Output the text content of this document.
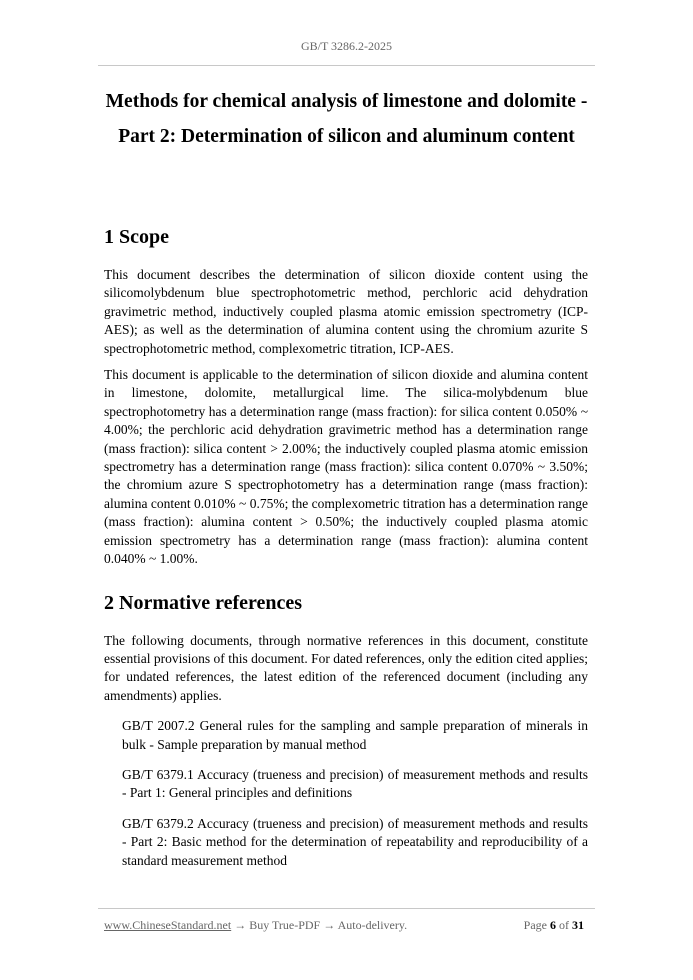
GB/T 3286.2-2025
Methods for chemical analysis of limestone and dolomite -
Part 2: Determination of silicon and aluminum content
1 Scope

This document describes the determination of silicon dioxide content using the silicomolybdenum blue spectrophotometric method, perchloric acid dehydration gravimetric method, inductively coupled plasma atomic emission spectrometry (ICP-AES); as well as the determination of alumina content using the chromium azurite S spectrophotometric method, complexometric titration, ICP-AES.

This document is applicable to the determination of silicon dioxide and alumina content in limestone, dolomite, metallurgical lime. The silica-molybdenum blue spectrophotometry has a determination range (mass fraction): for silica content 0.050% ~ 4.00%; the perchloric acid dehydration gravimetric method has a determination range (mass fraction): silica content > 2.00%; the inductively coupled plasma atomic emission spectrometry has a determination range (mass fraction): silica content 0.070% ~ 3.50%; the chromium azure S spectrophotometry has a determination range (mass fraction): alumina content 0.010% ~ 0.75%; the complexometric titration has a determination range (mass fraction): alumina content > 0.50%; the inductively coupled plasma atomic emission spectrometry has a determination range (mass fraction): alumina content 0.040% ~ 1.00%.

2 Normative references

The following documents, through normative references in this document, constitute essential provisions of this document. For dated references, only the edition cited applies; for undated references, the latest edition of the referenced document (including any amendments) applies.

GB/T 2007.2 General rules for the sampling and sample preparation of minerals in bulk - Sample preparation by manual method

GB/T 6379.1 Accuracy (trueness and precision) of measurement methods and results - Part 1: General principles and definitions

GB/T 6379.2 Accuracy (trueness and precision) of measurement methods and results - Part 2: Basic method for the determination of repeatability and reproducibility of a standard measurement method

www.ChineseStandard.net → Buy True-PDF → Auto-delivery.	Page 6 of 31
